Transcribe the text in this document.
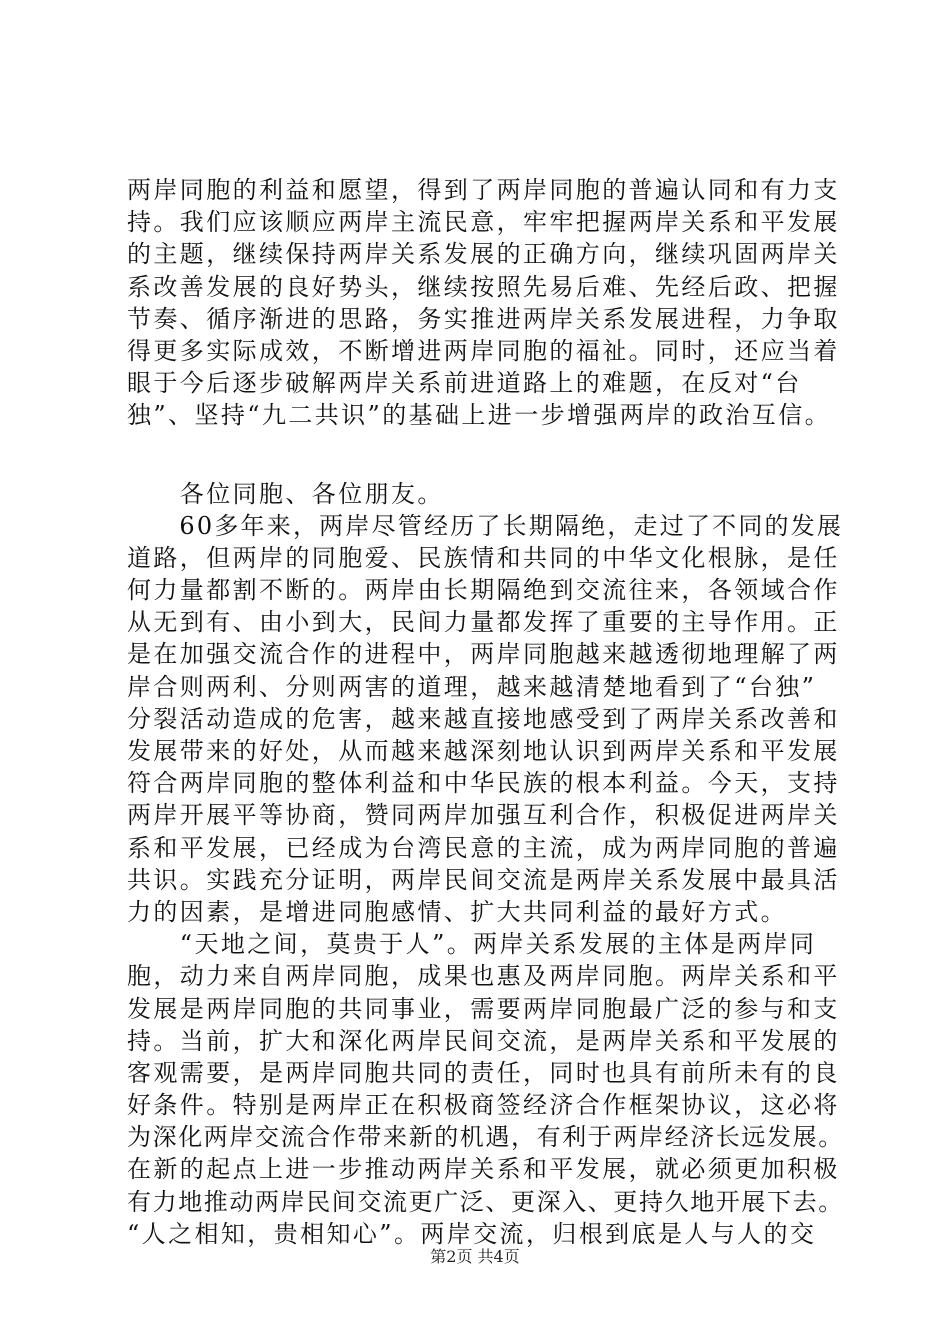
两岸同胞的利益和愿望，得到了两岸同胞的普遍认同和有力支
持。我们应该顺应两岸主流民意，牢牢把握两岸关系和平发展
的主题，继续保持两岸关系发展的正确方向，继续巩固两岸关
系改善发展的良好势头，继续按照先易后难、先经后政、把握
节奏、循序渐进的思路，务实推进两岸关系发展进程，力争取
得更多实际成效，不断增进两岸同胞的福祉。同时，还应当着
眼于今后逐步破解两岸关系前进道路上的难题，在反对“台
独”、坚持“九二共识”的基础上进一步增强两岸的政治互信。
　　各位同胞、各位朋友。
　　60多年来，两岸尽管经历了长期隔绝，走过了不同的发展
道路，但两岸的同胞爱、民族情和共同的中华文化根脉，是任
何力量都割不断的。两岸由长期隔绝到交流往来，各领域合作
从无到有、由小到大，民间力量都发挥了重要的主导作用。正
是在加强交流合作的进程中，两岸同胞越来越透彻地理解了两
岸合则两利、分则两害的道理，越来越清楚地看到了“台独”
分裂活动造成的危害，越来越直接地感受到了两岸关系改善和
发展带来的好处，从而越来越深刻地认识到两岸关系和平发展
符合两岸同胞的整体利益和中华民族的根本利益。今天，支持
两岸开展平等协商，赞同两岸加强互利合作，积极促进两岸关
系和平发展，已经成为台湾民意的主流，成为两岸同胞的普遍
共识。实践充分证明，两岸民间交流是两岸关系发展中最具活
力的因素，是增进同胞感情、扩大共同利益的最好方式。
　　“天地之间，莫贵于人”。两岸关系发展的主体是两岸同
胞，动力来自两岸同胞，成果也惠及两岸同胞。两岸关系和平
发展是两岸同胞的共同事业，需要两岸同胞最广泛的参与和支
持。当前，扩大和深化两岸民间交流，是两岸关系和平发展的
客观需要，是两岸同胞共同的责任，同时也具有前所未有的良
好条件。特别是两岸正在积极商签经济合作框架协议，这必将
为深化两岸交流合作带来新的机遇，有利于两岸经济长远发展。
在新的起点上进一步推动两岸关系和平发展，就必须更加积极
有力地推动两岸民间交流更广泛、更深入、更持久地开展下去。
“人之相知，贵相知心”。两岸交流，归根到底是人与人的交
第2页 共4页
